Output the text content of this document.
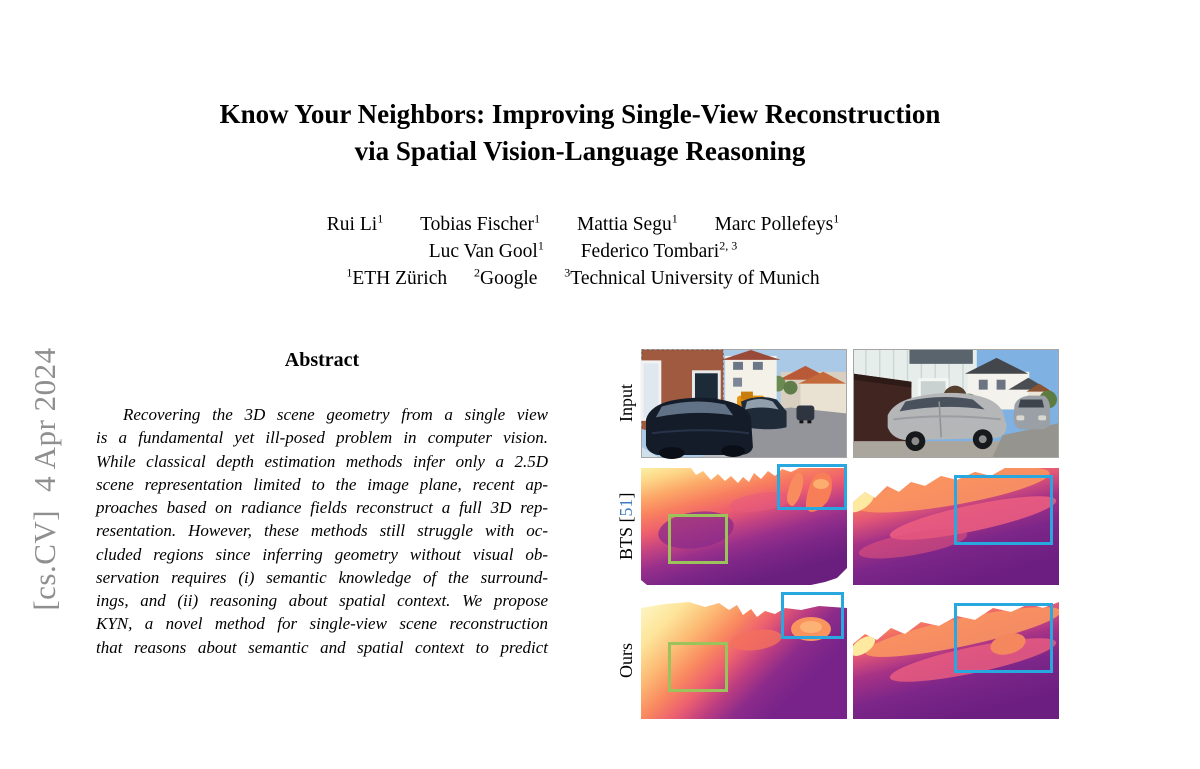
[cs.CV]4 Apr 2024
Know Your Neighbors: Improving Single-View Reconstruction
via Spatial Vision-Language Reasoning
Rui Li$^1$ Tobias Fischer$^1$ Mattia Segu$^1$ Marc Pollefeys$^1$
Luc Van Gool$^1$ Federico Tombari$^{2, 3}$
$^1$ETH Zürich $^2$Google $^3$Technical University of Munich
Abstract
Recovering the 3D scene geometry from a single view
is a fundamental yet ill-posed problem in computer vision.
While classical depth estimation methods infer only a 2.5D
scene representation limited to the image plane, recent ap-
proaches based on radiance fields reconstruct a full 3D rep-
resentation. However, these methods still struggle with oc-
cluded regions since inferring geometry without visual ob-
servation requires (i) semantic knowledge of the surround-
ings, and (ii) reasoning about spatial context. We propose
KYN, a novel method for single-view scene reconstruction
that reasons about semantic and spatial context to predict
Input
BTS [51]
Ours
